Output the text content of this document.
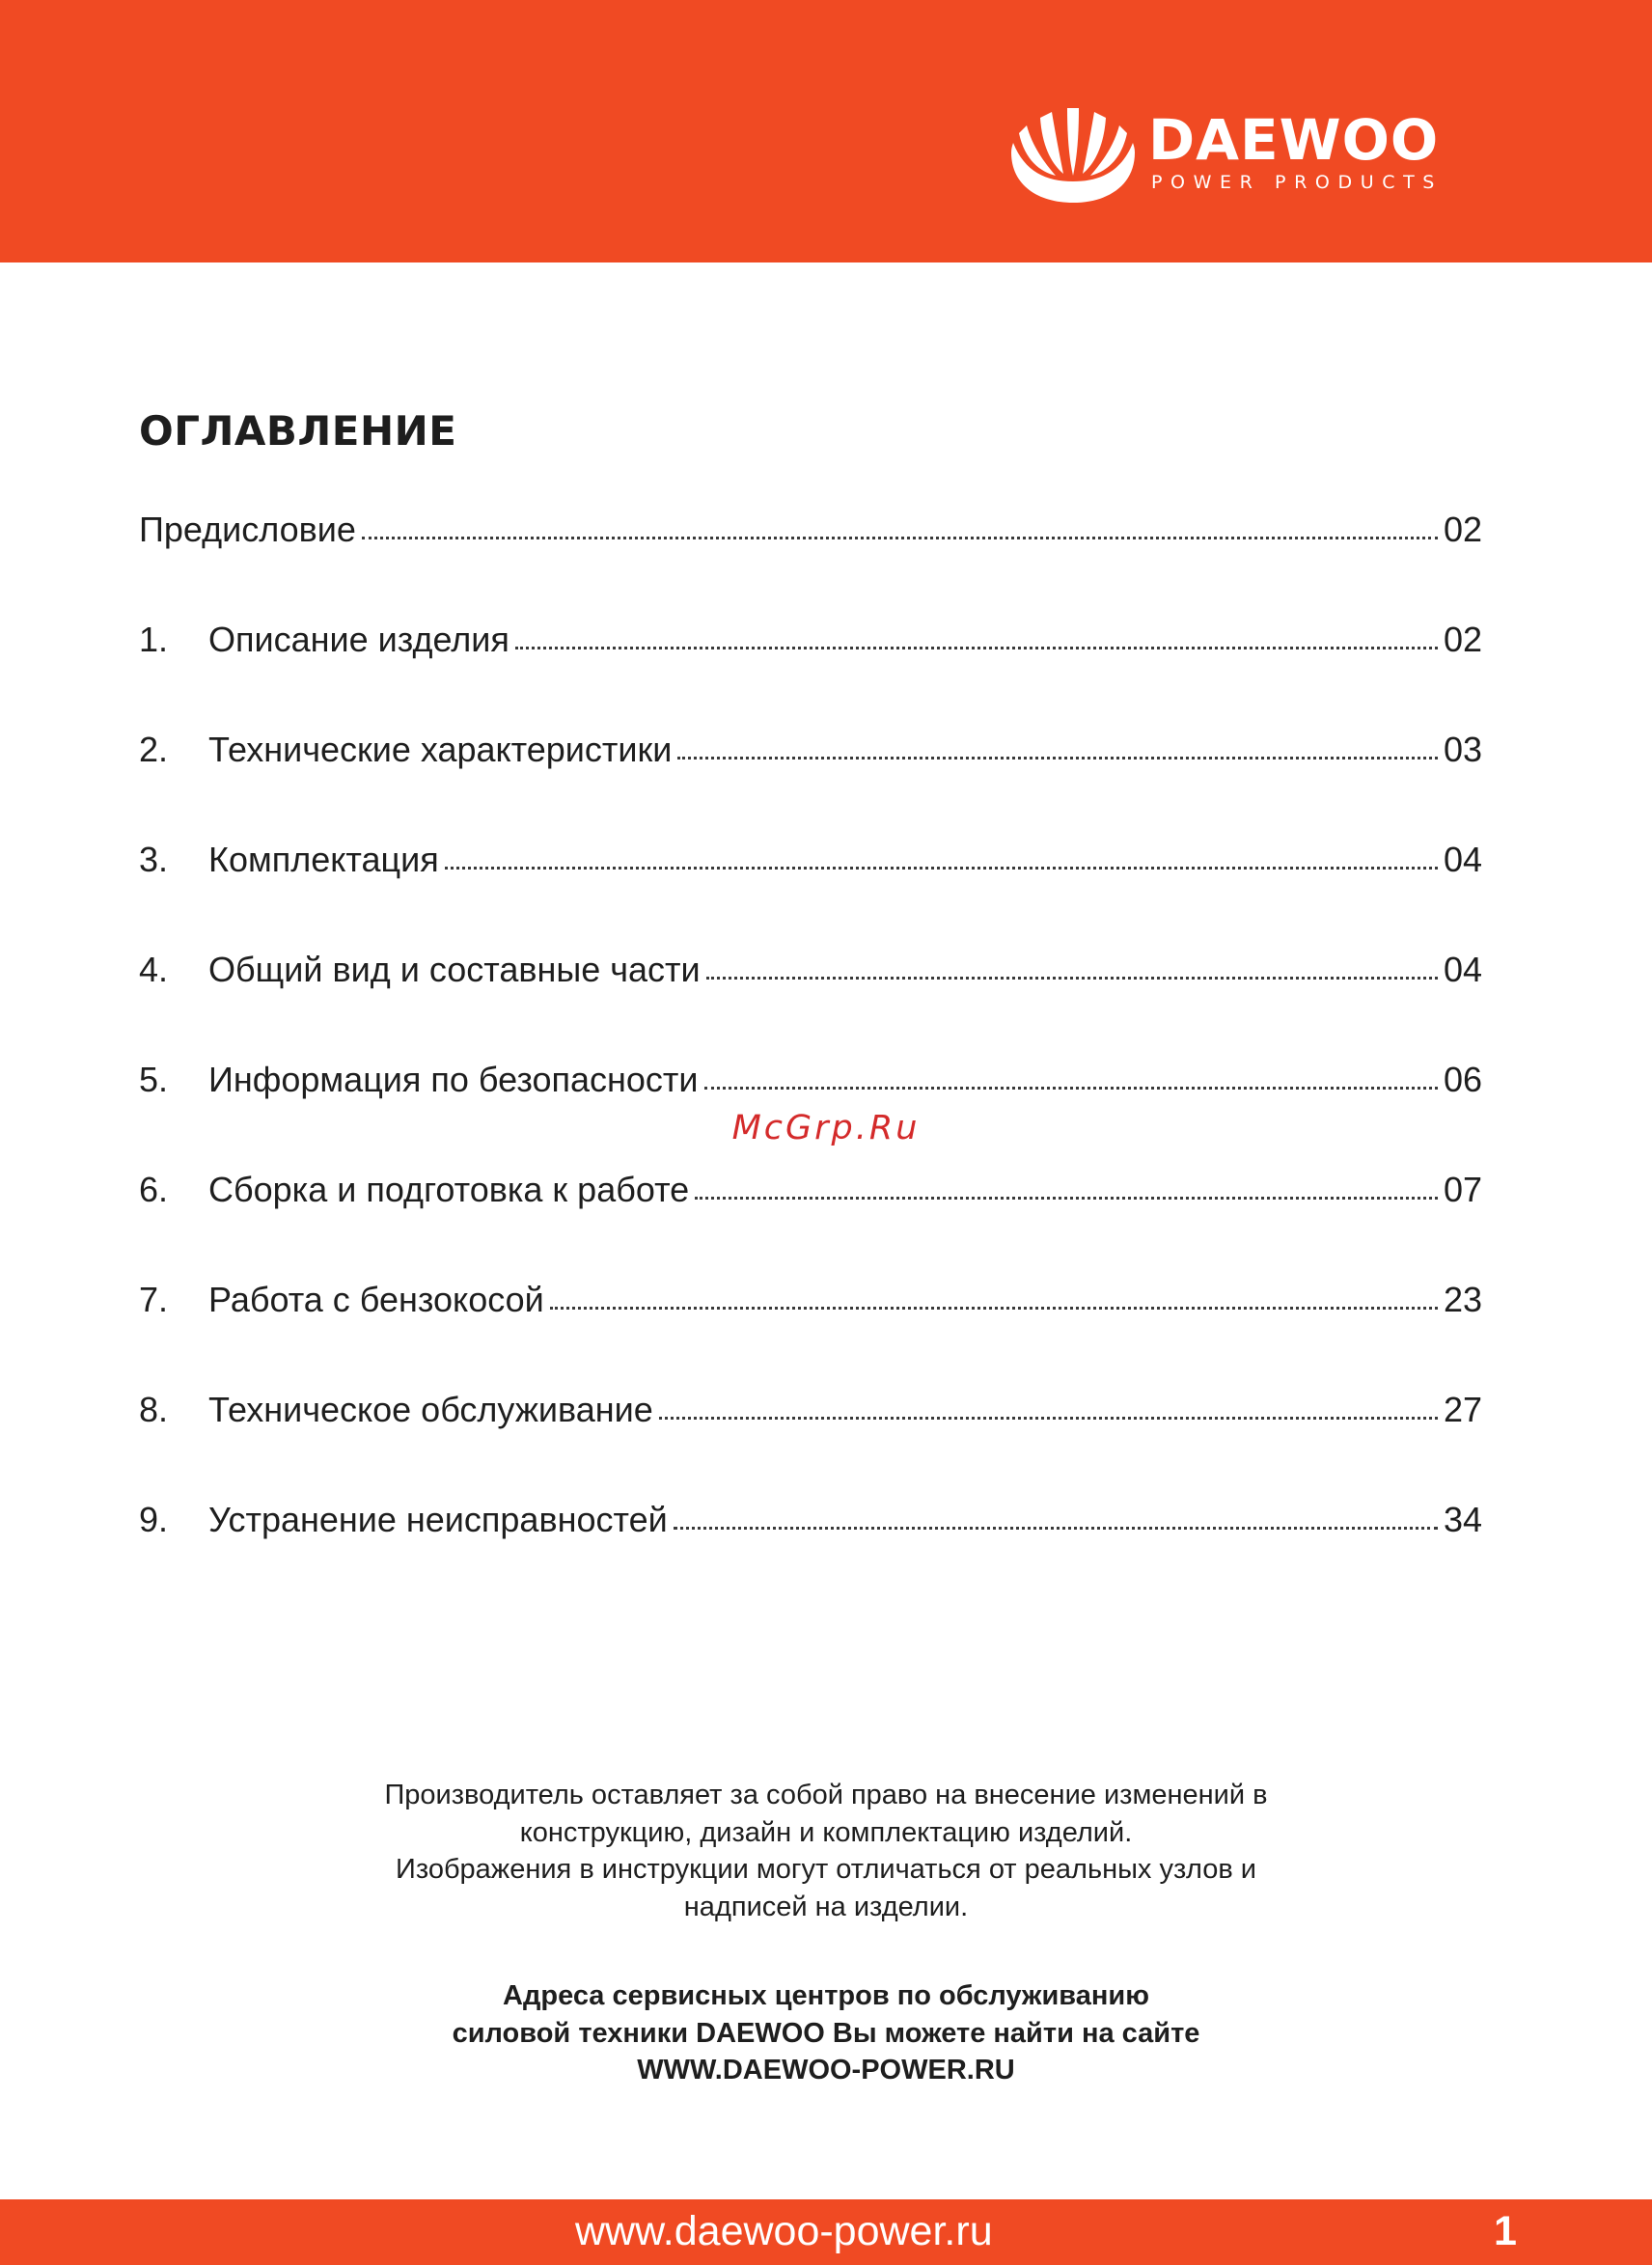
DAEWOO
POWER PRODUCTS
ОГЛАВЛЕНИЕ
Предисловие	02
1.	Описание изделия	02
2.	Технические характеристики	03
3.	Комплектация	04
4.	Общий вид и составные части	04
5.	Информация по безопасности	06
6.	Сборка и подготовка к работе	07
7.	Работа с бензокосой	23
8.	Техническое обслуживание	27
9.	Устранение неисправностей	34
McGrp.Ru

Производитель оставляет за собой право на внесение изменений в

конструкцию, дизайн и комплектацию изделий.

Изображения в инструкции могут отличаться от реальных узлов и

надписей на изделии.

Адреса сервисных центров по обслуживанию

силовой техники DAEWOO Вы можете найти на сайте

WWW.DAEWOO-POWER.RU

www.daewoo-power.ru	1
